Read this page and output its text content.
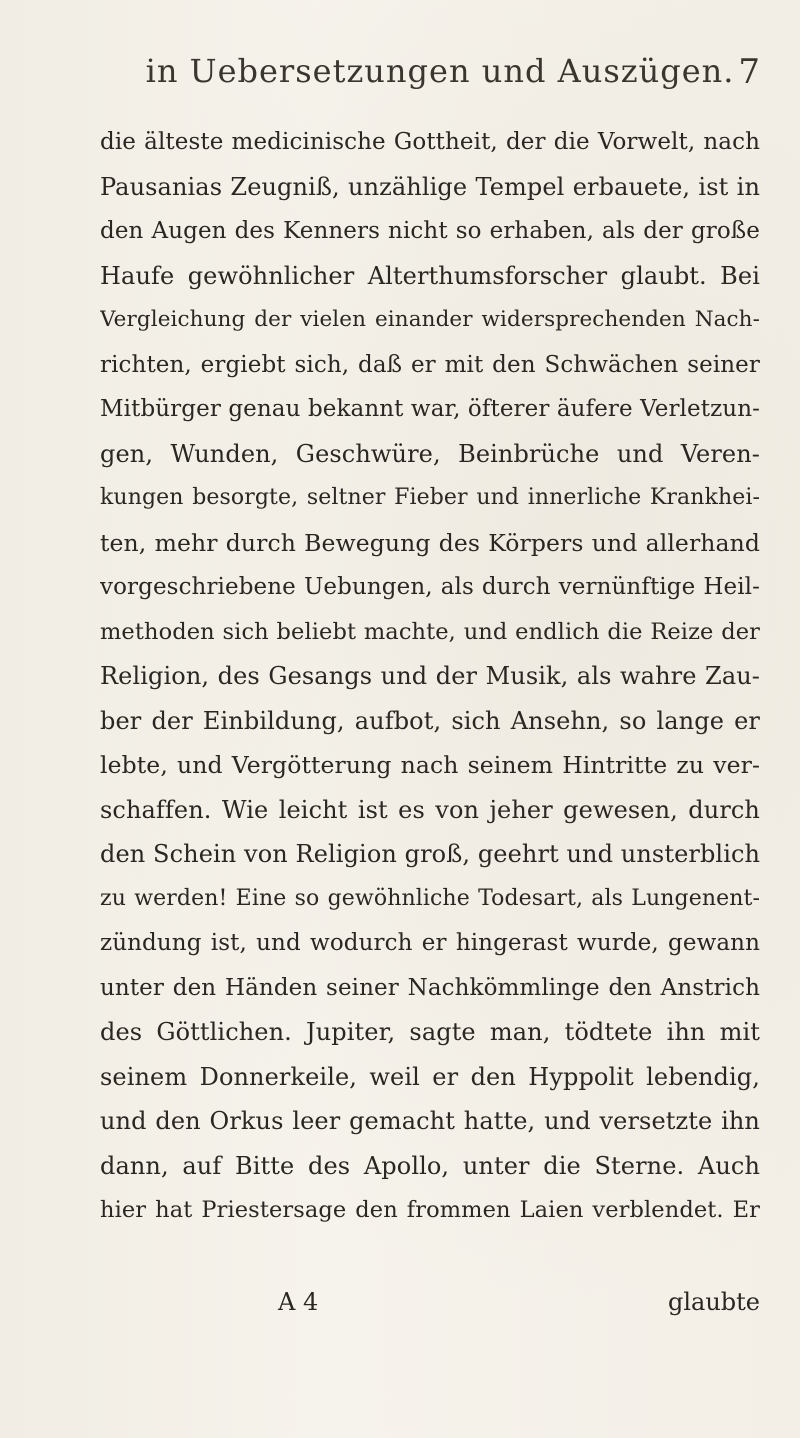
in Uebersetzungen und Auszügen. 7
die älteste medicinische Gottheit, der die Vorwelt, nach
Pausanias Zeugniß, unzählige Tempel erbauete, ist in
den Augen des Kenners nicht so erhaben, als der große
Haufe gewöhnlicher Alterthumsforscher glaubt. Bei
Vergleichung der vielen einander widersprechenden Nach-
richten, ergiebt sich, daß er mit den Schwächen seiner
Mitbürger genau bekannt war, öfterer äufere Verletzun-
gen, Wunden, Geschwüre, Beinbrüche und Veren-
kungen besorgte, seltner Fieber und innerliche Krankhei-
ten, mehr durch Bewegung des Körpers und allerhand
vorgeschriebene Uebungen, als durch vernünftige Heil-
methoden sich beliebt machte, und endlich die Reize der
Religion, des Gesangs und der Musik, als wahre Zau-
ber der Einbildung, aufbot, sich Ansehn, so lange er
lebte, und Vergötterung nach seinem Hintritte zu ver-
schaffen. Wie leicht ist es von jeher gewesen, durch
den Schein von Religion groß, geehrt und unsterblich
zu werden! Eine so gewöhnliche Todesart, als Lungenent-
zündung ist, und wodurch er hingerast wurde, gewann
unter den Händen seiner Nachkömmlinge den Anstrich
des Göttlichen. Jupiter, sagte man, tödtete ihn mit
seinem Donnerkeile, weil er den Hyppolit lebendig,
und den Orkus leer gemacht hatte, und versetzte ihn
dann, auf Bitte des Apollo, unter die Sterne. Auch
hier hat Priestersage den frommen Laien verblendet. Er
A 4	glaubte
